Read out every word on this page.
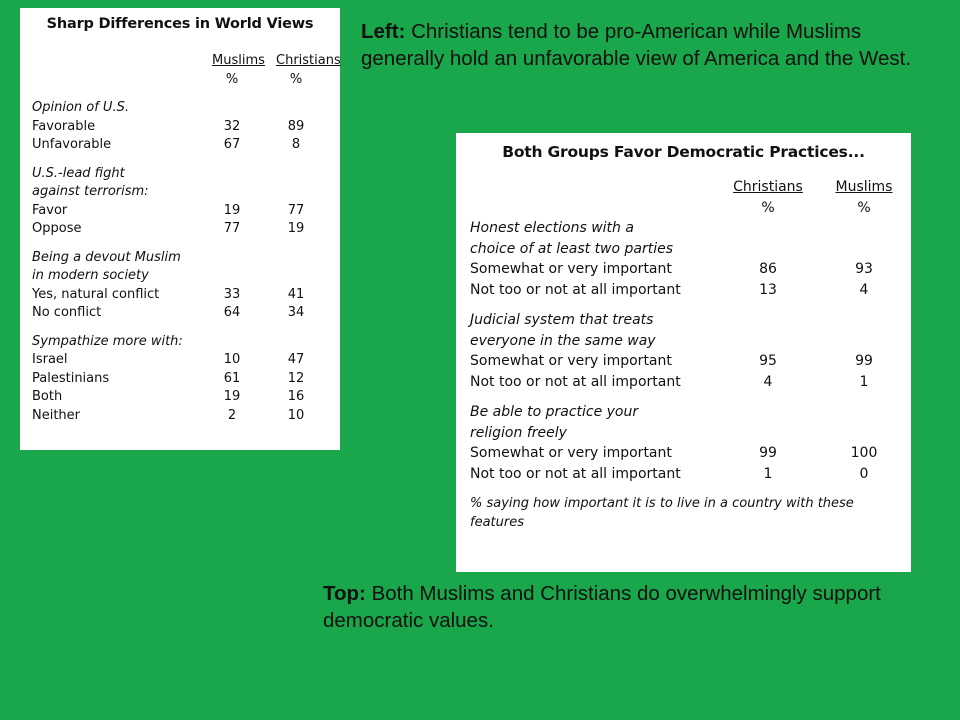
Sharp Differences in World Views
Muslims Christians
%	%
Opinion of U.S.
Favorable	32	89
Unfavorable	67	8
U.S.-lead fight
against terrorism:
Favor	19	77
Oppose	77	19
Being a devout Muslim
in modern society
Yes, natural conflict	33	41
No conflict	64	34
Sympathize more with:
Israel	10	47
Palestinians	61	12
Both	19	16
Neither	2	10
Both Groups Favor Democratic Practices...
Christians	Muslims
%	%
Honest elections with a
choice of at least two parties
Somewhat or very important	86	93
Not too or not at all important	13	4
Judicial system that treats
everyone in the same way
Somewhat or very important	95	99
Not too or not at all important	4	1
Be able to practice your
religion freely
Somewhat or very important	99	100
Not too or not at all important	1	0
% saying how important it is to live in a country with these features
Left: Christians tend to be pro-American while Muslims generally hold an unfavorable view of America and the West.
Top: Both Muslims and Christians do overwhelmingly support democratic values.
